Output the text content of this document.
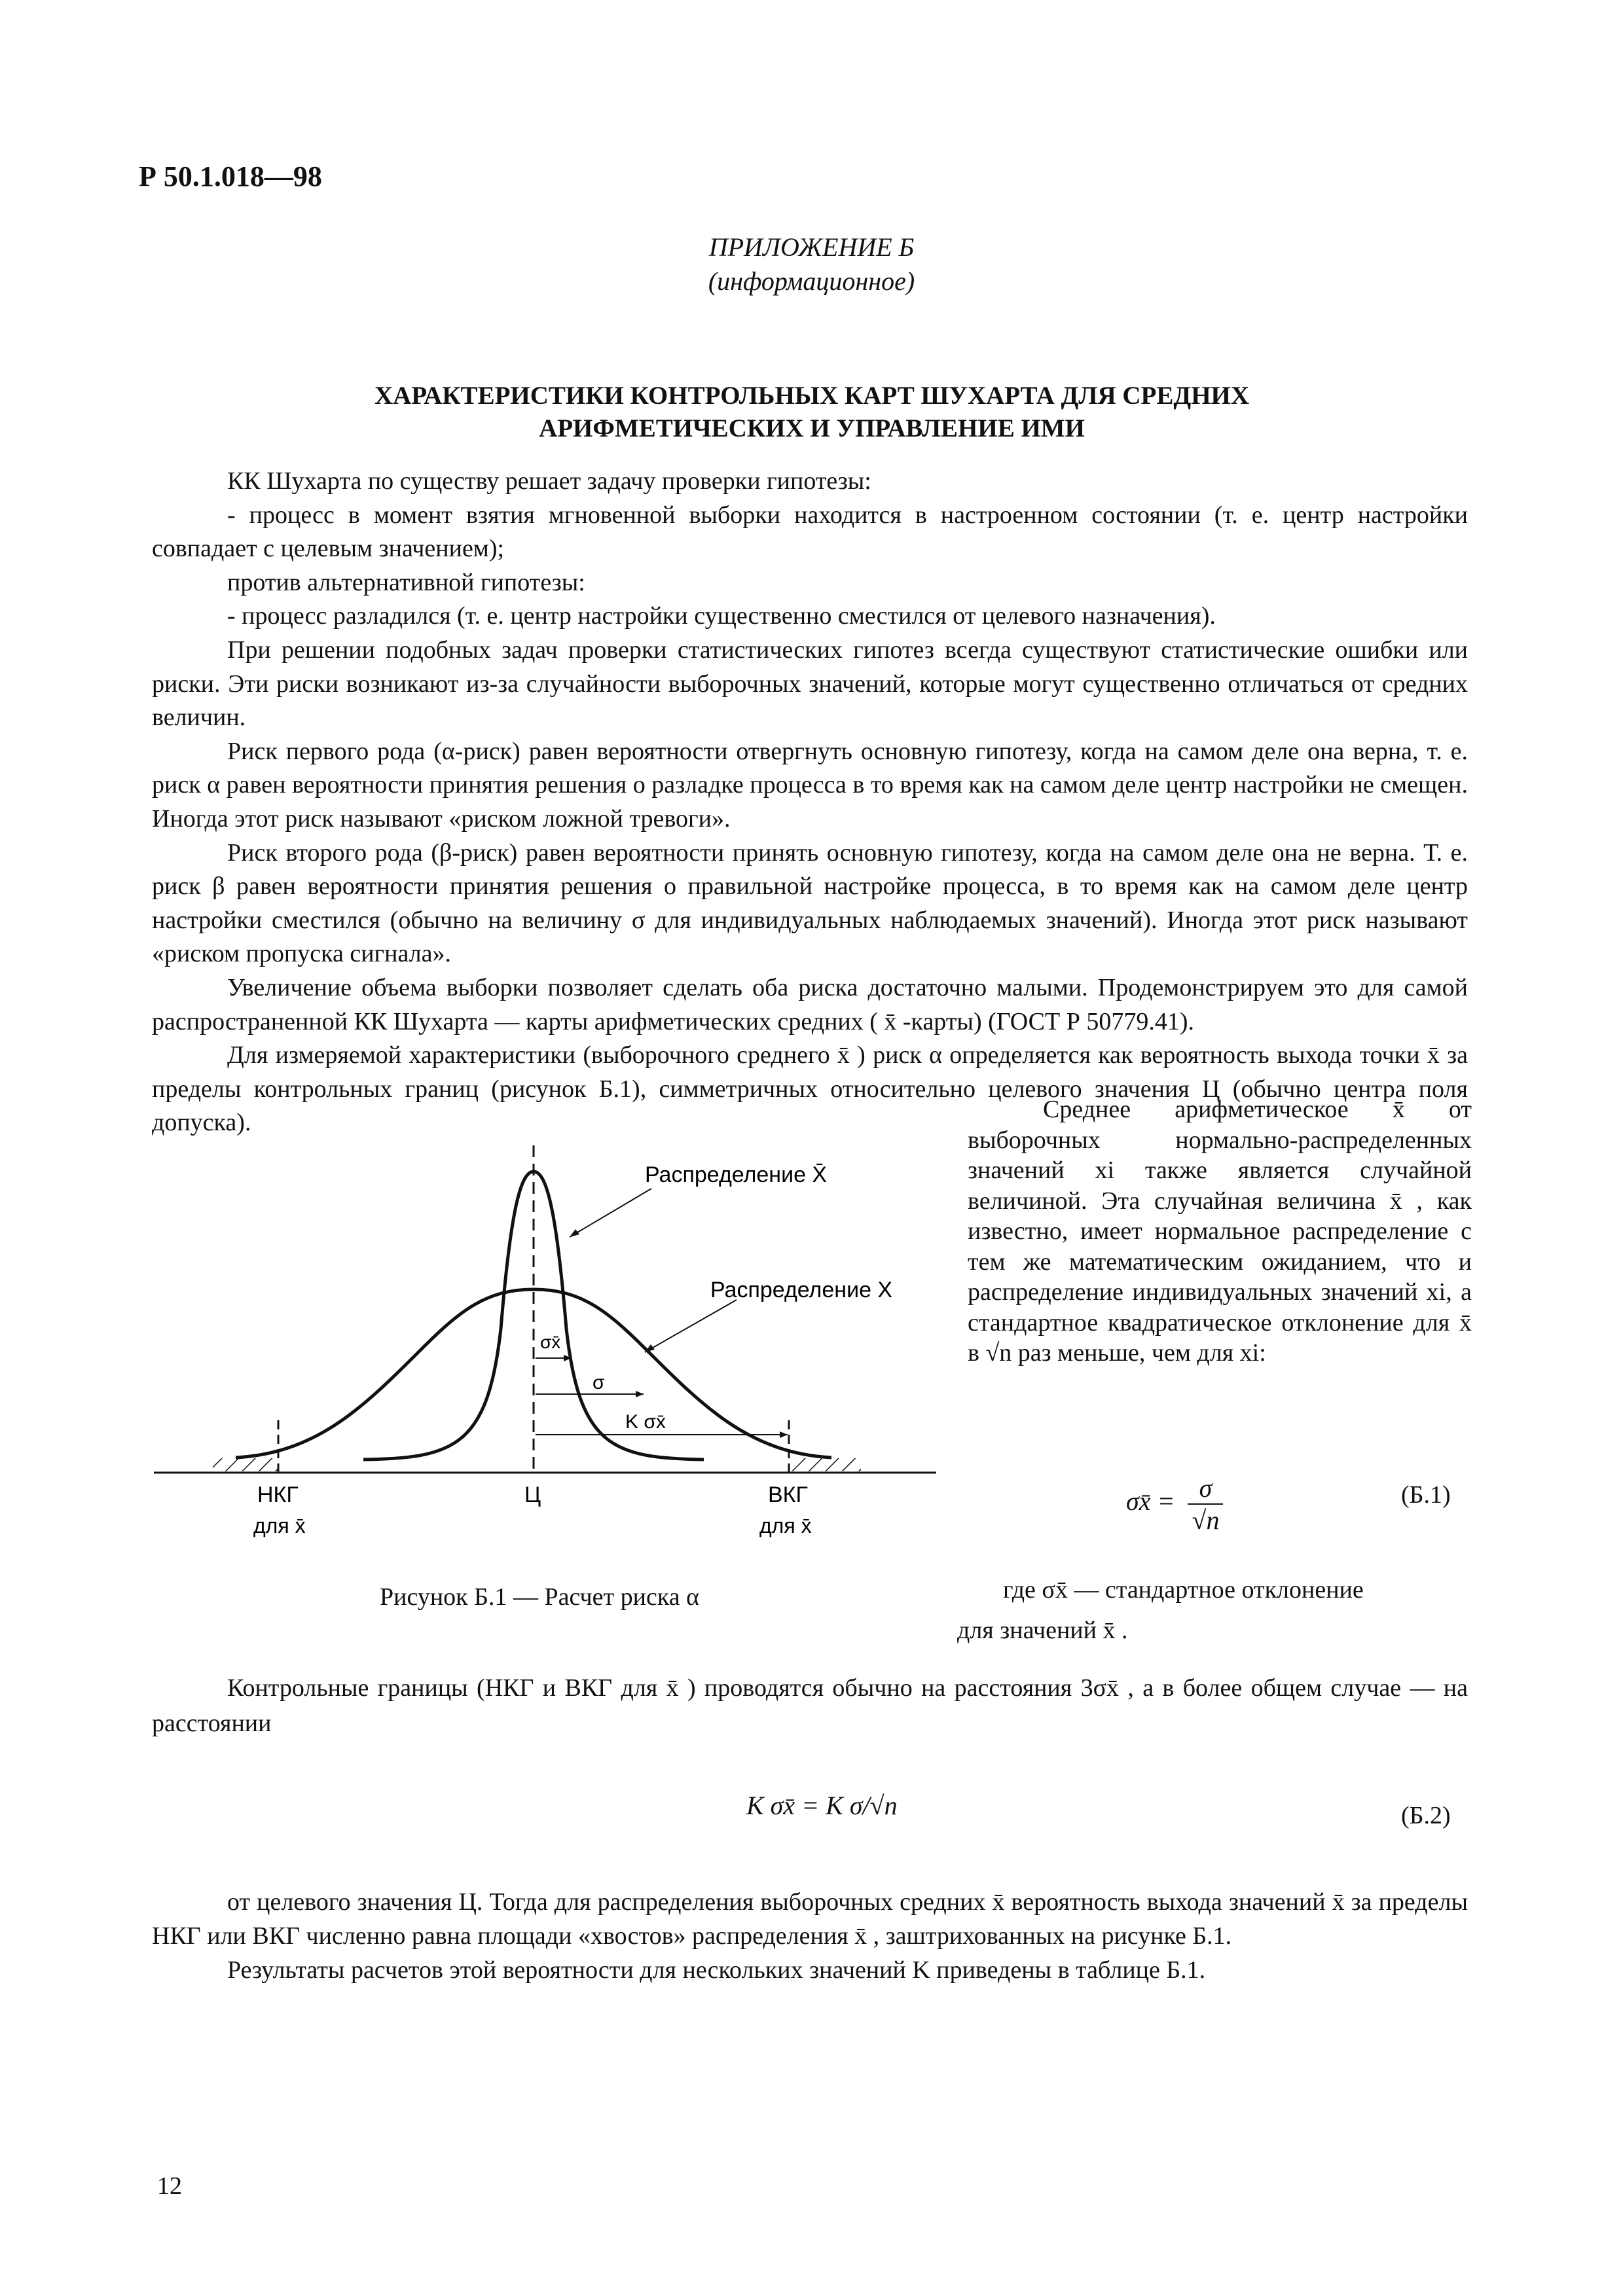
Р 50.1.018—98
ПРИЛОЖЕНИЕ Б
(информационное)
ХАРАКТЕРИСТИКИ КОНТРОЛЬНЫХ КАРТ ШУХАРТА ДЛЯ СРЕДНИХ
АРИФМЕТИЧЕСКИХ И УПРАВЛЕНИЕ ИМИ

КК Шухарта по существу решает задачу проверки гипотезы:

- процесс в момент взятия мгновенной выборки находится в настроенном состоянии (т. е. центр настройки совпадает с целевым значением);

против альтернативной гипотезы:

- процесс разладился (т. е. центр настройки существенно сместился от целевого назначения).

При решении подобных задач проверки статистических гипотез всегда существуют статистические ошибки или риски. Эти риски возникают из-за случайности выборочных значений, которые могут существенно отличаться от средних величин.

Риск первого рода (α-риск) равен вероятности отвергнуть основную гипотезу, когда на самом деле она верна, т. е. риск α равен вероятности принятия решения о разладке процесса в то время как на самом деле центр настройки не смещен. Иногда этот риск называют «риском ложной тревоги».

Риск второго рода (β-риск) равен вероятности принять основную гипотезу, когда на самом деле она не верна. Т. е. риск β равен вероятности принятия решения о правильной настройке процесса, в то время как на самом деле центр настройки сместился (обычно на величину σ для индивидуальных наблюдаемых значений). Иногда этот риск называют «риском пропуска сигнала».

Увеличение объема выборки позволяет сделать оба риска достаточно малыми. Продемонстрируем это для самой распространенной КК Шухарта — карты арифметических средних ( x̄ -карты) (ГОСТ Р 50779.41).

Для измеряемой характеристики (выборочного среднего x̄ ) риск α определяется как вероятность выхода точки x̄ за пределы контрольных границ (рисунок Б.1), симметричных относительно целевого значения Ц (обычно центра поля допуска).

Распределение X̄
Распределение X
σx̄
σ
K σx̄
НКГ
для x̄
Ц	ВКГ
для x̄
Рисунок Б.1 — Расчет риска α

Среднее арифметическое x̄ от выборочных нормально-распределенных значений xi также является случайной величиной. Эта случайная величина x̄ , как известно, имеет нормальное распределение с тем же математическим ожиданием, что и распределение индивидуальных значений xi, а стандартное квадратическое отклонение для x̄ в √n раз меньше, чем для xi:

σx̄ = $\frac{\sigma}{√n}$	(Б.1)

где σx̄ — стандартное отклонение

для значений x̄ .

Контрольные границы (НКГ и ВКГ для x̄ ) проводятся обычно на расстояния 3σx̄ , а в более общем случае — на расстоянии

K σx̄ = K σ/√n	(Б.2)

от целевого значения Ц. Тогда для распределения выборочных средних x̄ вероятность выхода значений x̄ за пределы НКГ или ВКГ численно равна площади «хвостов» распределения x̄ , заштрихованных на рисунке Б.1.

Результаты расчетов этой вероятности для нескольких значений K приведены в таблице Б.1.

12
